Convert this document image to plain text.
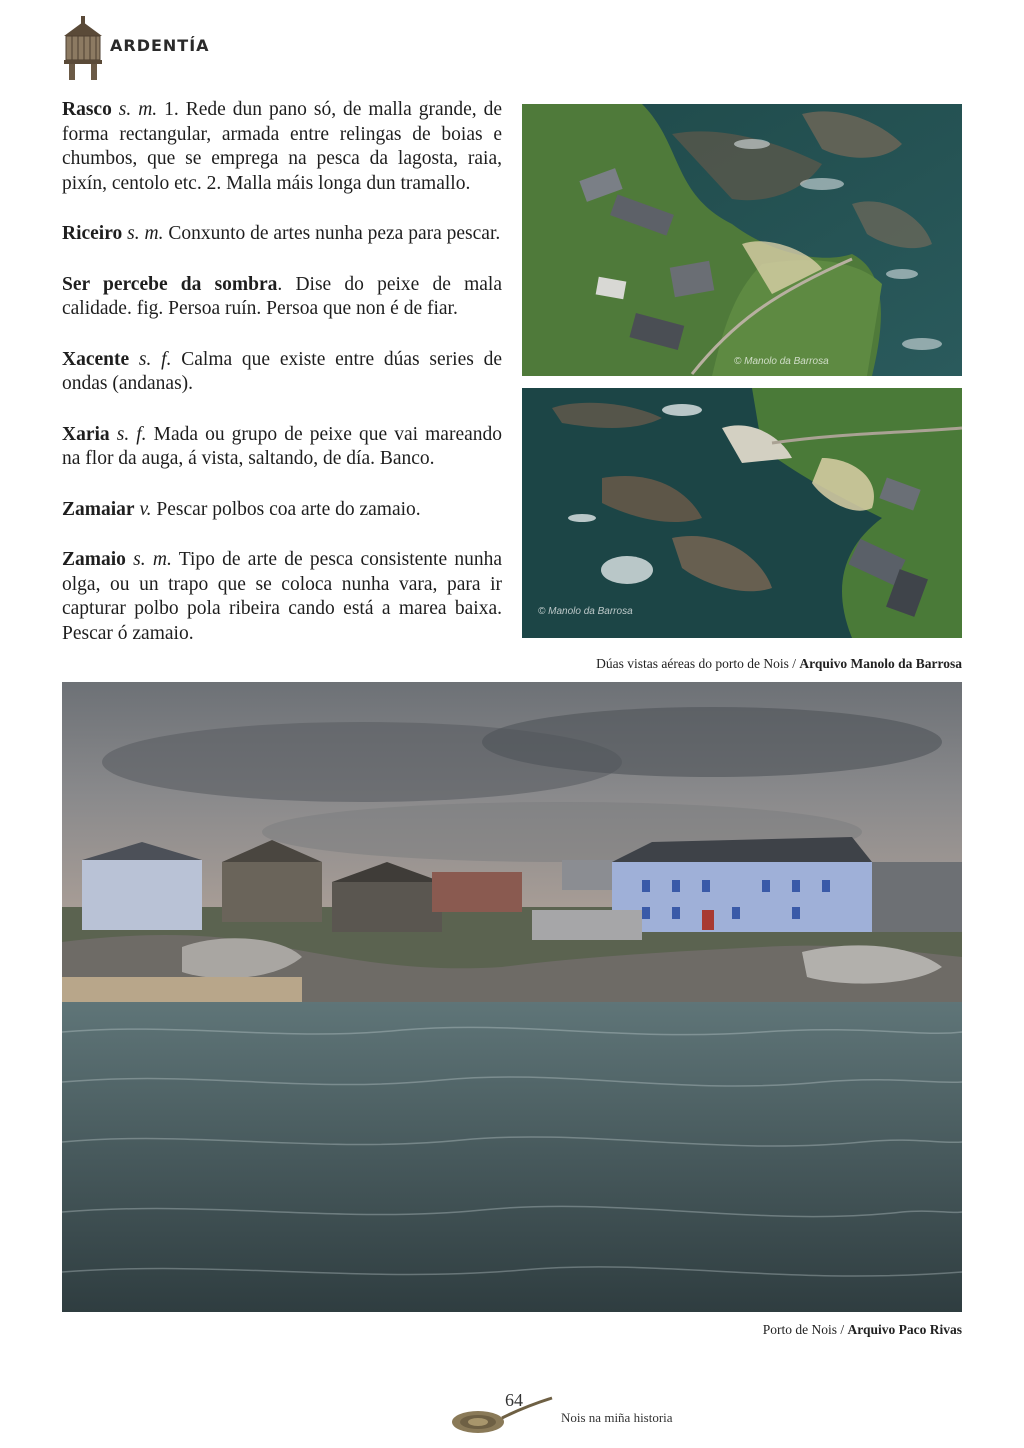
ARDENTÍA

Rasco s. m. 1. Rede dun pano só, de malla grande, de forma rectangular, armada entre relingas de boias e chumbos, que se emprega na pesca da lagosta, raia, pixín, centolo etc. 2. Malla máis longa dun tramallo.

Riceiro s. m. Conxunto de artes nunha peza para pescar.

Ser percebe da sombra. Dise do peixe de mala calidade. fig. Persoa ruín. Persoa que non é de fiar.

Xacente s. f. Calma que existe entre dúas series de ondas (andanas).

Xaria s. f. Mada ou grupo de peixe que vai mareando na flor da auga, á vista, saltando, de día. Banco.

Zamaiar v. Pescar polbos coa arte do zamaio.

Zamaio s. m. Tipo de arte de pesca consistente nunha olga, ou un trapo que se coloca nunha vara, para ir capturar polbo pola ribeira cando está a marea baixa. Pescar ó zamaio.

© Manolo da Barrosa
© Manolo da Barrosa
Dúas vistas aéreas do porto de Nois / Arquivo Manolo da Barrosa
Porto de Nois / Arquivo Paco Rivas
64
Nois na miña historia
